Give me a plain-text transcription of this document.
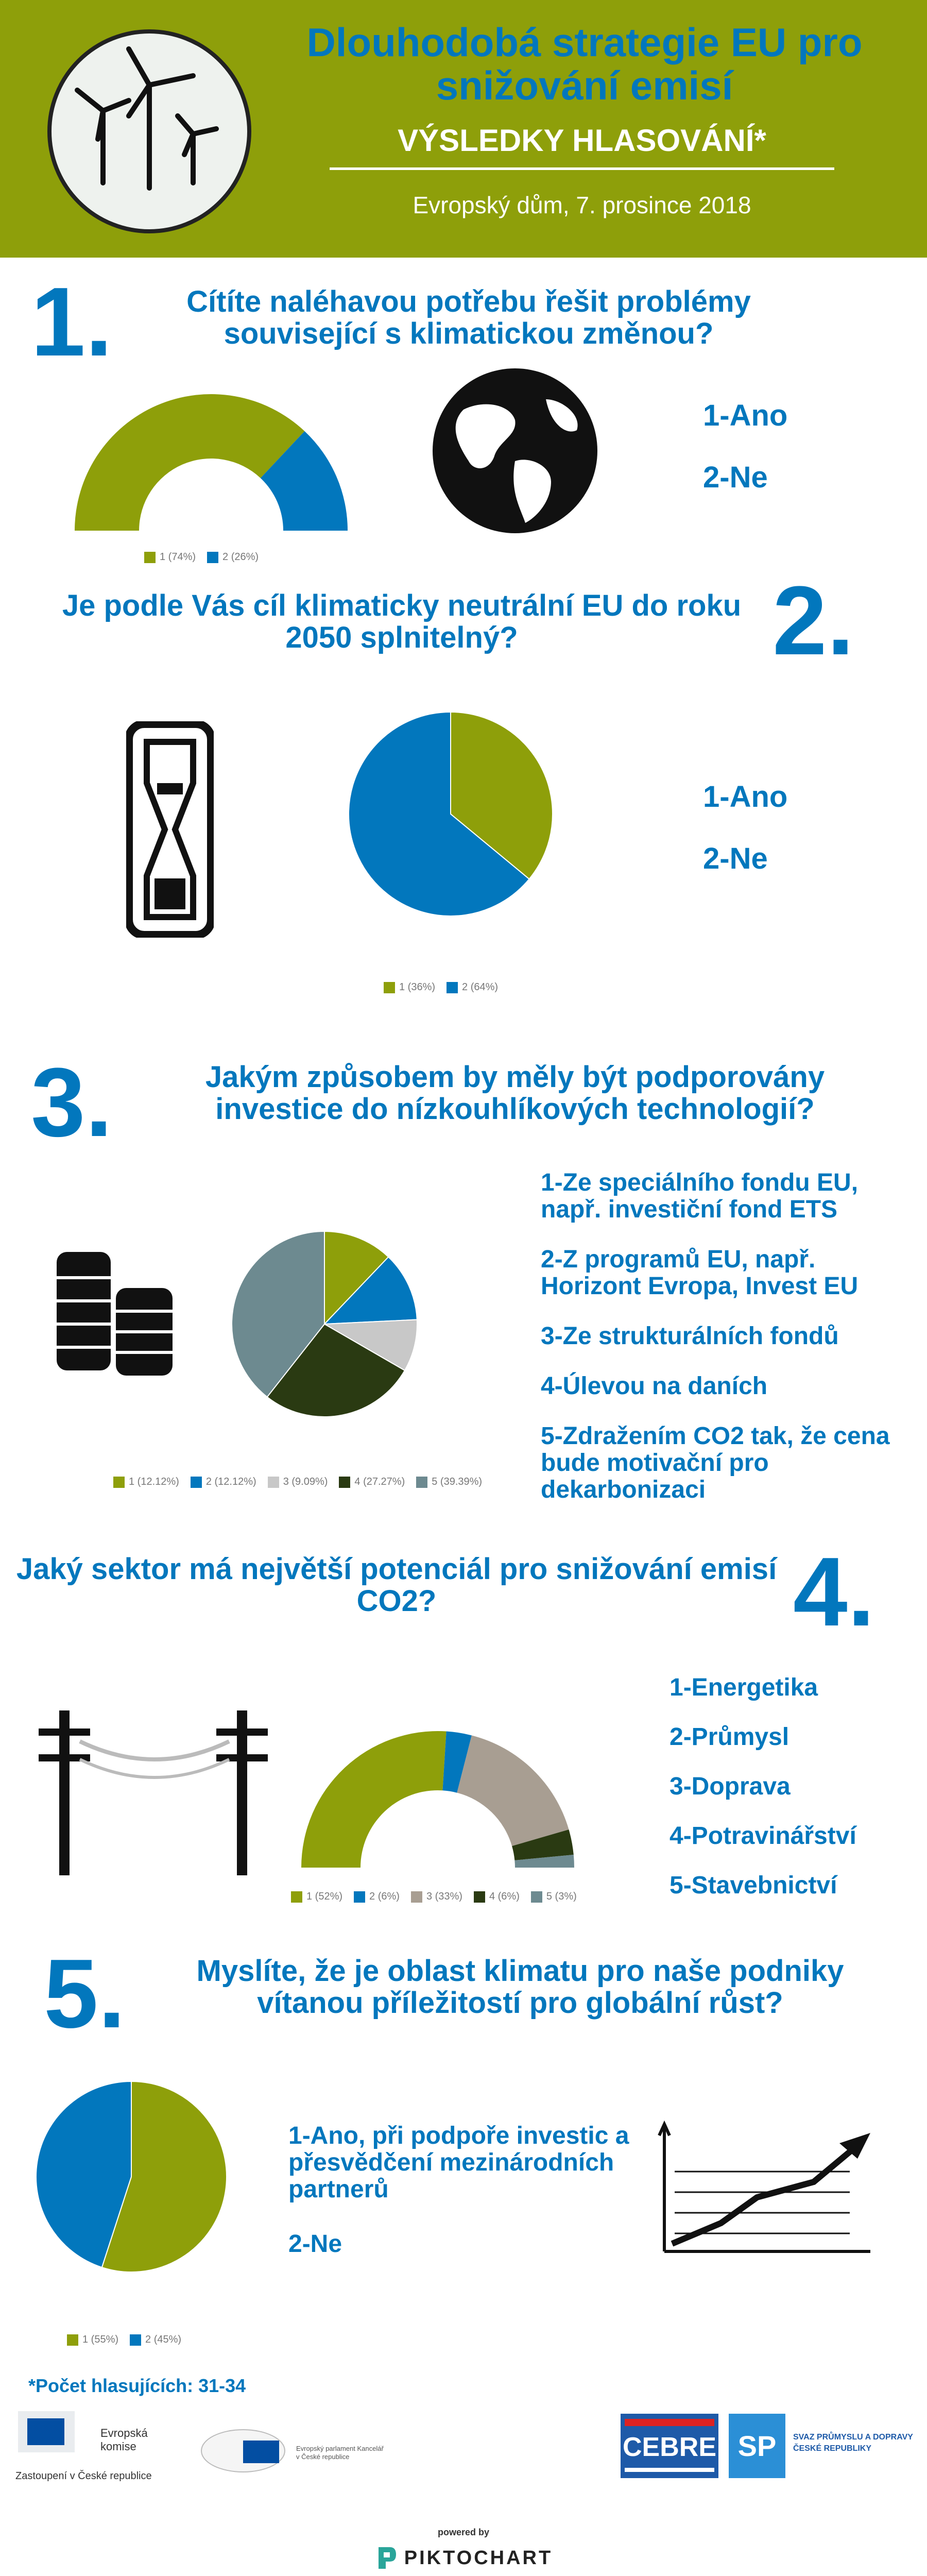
Dlouhodobá strategie EU pro snižování emisí
VÝSLEDKY HLASOVÁNÍ*
Evropský dům, 7. prosince 2018
1.	Cítíte naléhavou potřebu řešit problémy související s klimatickou změnou?
1 (74%)	2 (26%)
1-Ano
2-Ne
Je podle Vás cíl klimaticky neutrální EU do roku 2050 splnitelný?	2.
1 (36%)	2 (64%)
1-Ano
2-Ne
3.	Jakým způsobem by měly být podporovány investice do nízkouhlíkových technologií?
1 (12.12%)	2 (12.12%)	3 (9.09%)	4 (27.27%)	5 (39.39%)
1-Ze speciálního fondu EU, např. investiční fond ETS
2-Z programů EU, např. Horizont Evropa, Invest EU
3-Ze strukturálních fondů
4-Úlevou na daních
5-Zdražením CO2 tak, že cena bude motivační pro dekarbonizaci
Jaký sektor má největší potenciál pro snižování emisí CO2?	4.
1 (52%)	2 (6%)	3 (33%)	4 (6%)	5 (3%)
1-Energetika
2-Průmysl
3-Doprava
4-Potravinářství
5-Stavebnictví
5.	Myslíte, že je oblast klimatu pro naše podniky vítanou příležitostí pro globální růst?
1 (55%)	2 (45%)
1-Ano, při podpoře investic a přesvědčení mezinárodních partnerů
2-Ne
*Počet hlasujících: 31-34
Evropská komise
Zastoupení v České republice
Evropský parlament Kancelář v České republice	CEBRE SP	SVAZ PRŮMYSLU A DOPRAVY ČESKÉ REPUBLIKY
powered by
PIKTOCHART
